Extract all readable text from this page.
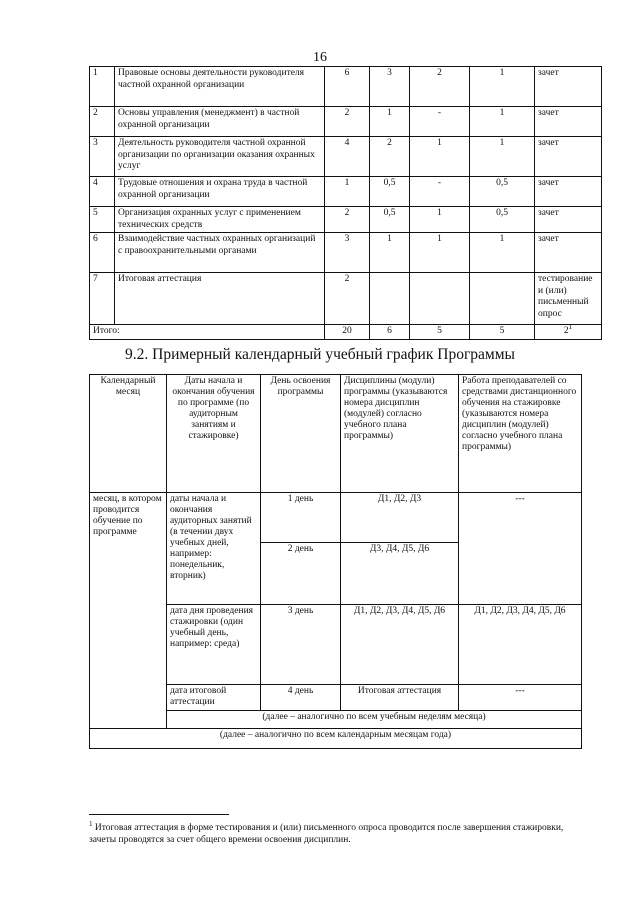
16
1	Правовые основы деятельности руководителя частной охранной организации	6	3	2	1	зачет
2	Основы управления (менеджмент) в частной охранной организации	2	1	-	1	зачет
3	Деятельность руководителя частной охранной организации по организации оказания охранных услуг	4	2	1	1	зачет
4	Трудовые отношения и охрана труда в частной охранной организации	1	0,5	-	0,5	зачет
5	Организация охранных услуг с применением технических средств	2	0,5	1	0,5	зачет
6	Взаимодействие частных охранных организаций с правоохранительными органами	3	1	1	1	зачет
7	Итоговая аттестация	2				тестирование и (или) письменный опрос
Итого:		20	6	5	5	$2^1$
9.2. Примерный календарный учебный график Программы
Календарный месяц	Даты начала и окончания обучения по программе (по аудиторным занятиям и стажировке)	День освоения программы	Дисциплины (модули) программы (указываются номера дисциплин (модулей) согласно учебного плана программы)	Работа преподавателей со средствами дистанционного обучения на стажировке (указываются номера дисциплин (модулей) согласно учебного плана программы)
месяц, в котором проводится обучение по программе	даты начала и окончания аудиторных занятий (в течении двух учебных дней, например: понедельник, вторник)	1 день	Д1, Д2, Д3	---
		2 день	Д3, Д4, Д5, Д6	
	дата дня проведения стажировки (один учебный день, например: среда)	3 день	Д1, Д2, Д3, Д4, Д5, Д6	Д1, Д2, Д3, Д4, Д5, Д6
	дата итоговой аттестации	4 день	Итоговая аттестация	---
	(далее – аналогично по всем учебным неделям месяца)			
(далее – аналогично по всем календарным месяцам года)				
$^1$ Итоговая аттестация в форме тестирования и (или) письменного опроса проводится после завершения стажировки, зачеты проводятся за счет общего времени освоения дисциплин.
